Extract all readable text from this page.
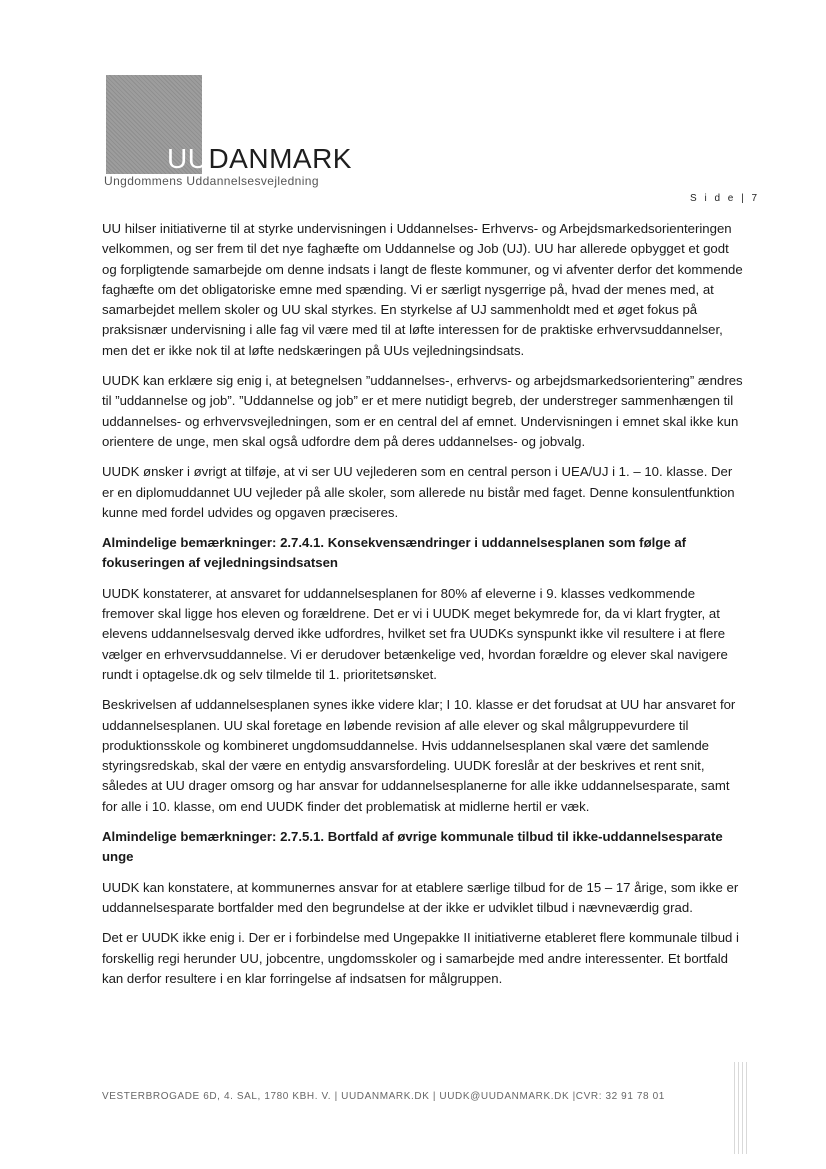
UUDANMARK
Ungdommens Uddannelsesvejledning
S i d e | 7

UU hilser initiativerne til at styrke undervisningen i Uddannelses- Erhvervs- og Arbejdsmarkedsorienteringen velkommen, og ser frem til det nye faghæfte om Uddannelse og Job (UJ). UU har allerede opbygget et godt og forpligtende samarbejde om denne indsats i langt de fleste kommuner, og vi afventer derfor det kommende faghæfte om det obligatoriske emne med spænding. Vi er særligt nysgerrige på, hvad der menes med, at samarbejdet mellem skoler og UU skal styrkes. En styrkelse af UJ sammenholdt med et øget fokus på praksisnær undervisning i alle fag vil være med til at løfte interessen for de praktiske erhvervsuddannelser, men det er ikke nok til at løfte nedskæringen på UUs vejledningsindsats.

UUDK kan erklære sig enig i, at betegnelsen ”uddannelses-, erhvervs- og arbejdsmarkedsorientering” ændres til ”uddannelse og job”. ”Uddannelse og job” er et mere nutidigt begreb, der understreger sammenhængen til uddannelses- og erhvervsvejledningen, som er en central del af emnet. Undervisningen i emnet skal ikke kun orientere de unge, men skal også udfordre dem på deres uddannelses- og jobvalg.

UUDK ønsker i øvrigt at tilføje, at vi ser UU vejlederen som en central person i UEA/UJ i 1. – 10. klasse. Der er en diplomuddannet UU vejleder på alle skoler, som allerede nu bistår med faget. Denne konsulentfunktion kunne med fordel udvides og opgaven præciseres.

Almindelige bemærkninger: 2.7.4.1. Konsekvensændringer i uddannelsesplanen som følge af fokuseringen af vejledningsindsatsen

UUDK konstaterer, at ansvaret for uddannelsesplanen for 80% af eleverne i 9. klasses vedkommende fremover skal ligge hos eleven og forældrene. Det er vi i UUDK meget bekymrede for, da vi klart frygter, at elevens uddannelsesvalg derved ikke udfordres, hvilket set fra UUDKs synspunkt ikke vil resultere i at flere vælger en erhvervsuddannelse. Vi er derudover betænkelige ved, hvordan forældre og elever skal navigere rundt i optagelse.dk og selv tilmelde til 1. prioritetsønsket.

Beskrivelsen af uddannelsesplanen synes ikke videre klar; I 10. klasse er det forudsat at UU har ansvaret for uddannelsesplanen. UU skal foretage en løbende revision af alle elever og skal målgruppevurdere til produktionsskole og kombineret ungdomsuddannelse. Hvis uddannelsesplanen skal være det samlende styringsredskab, skal der være en entydig ansvarsfordeling. UUDK foreslår at der beskrives et rent snit, således at UU drager omsorg og har ansvar for uddannelsesplanerne for alle ikke uddannelsesparate, samt for alle i 10. klasse, om end UUDK finder det problematisk at midlerne hertil er væk.

Almindelige bemærkninger: 2.7.5.1. Bortfald af øvrige kommunale tilbud til ikke-uddannelsesparate unge

UUDK kan konstatere, at kommunernes ansvar for at etablere særlige tilbud for de 15 – 17 årige, som ikke er uddannelsesparate bortfalder med den begrundelse at der ikke er udviklet tilbud i nævneværdig grad.

Det er UUDK ikke enig i. Der er i forbindelse med Ungepakke II initiativerne etableret flere kommunale tilbud i forskellig regi herunder UU, jobcentre, ungdomsskoler og i samarbejde med andre interessenter. Et bortfald kan derfor resultere i en klar forringelse af indsatsen for målgruppen.

VESTERBROGADE 6D, 4. SAL, 1780 KBH. V. | UUDANMARK.DK | UUDK@UUDANMARK.DK |CVR: 32 91 78 01
